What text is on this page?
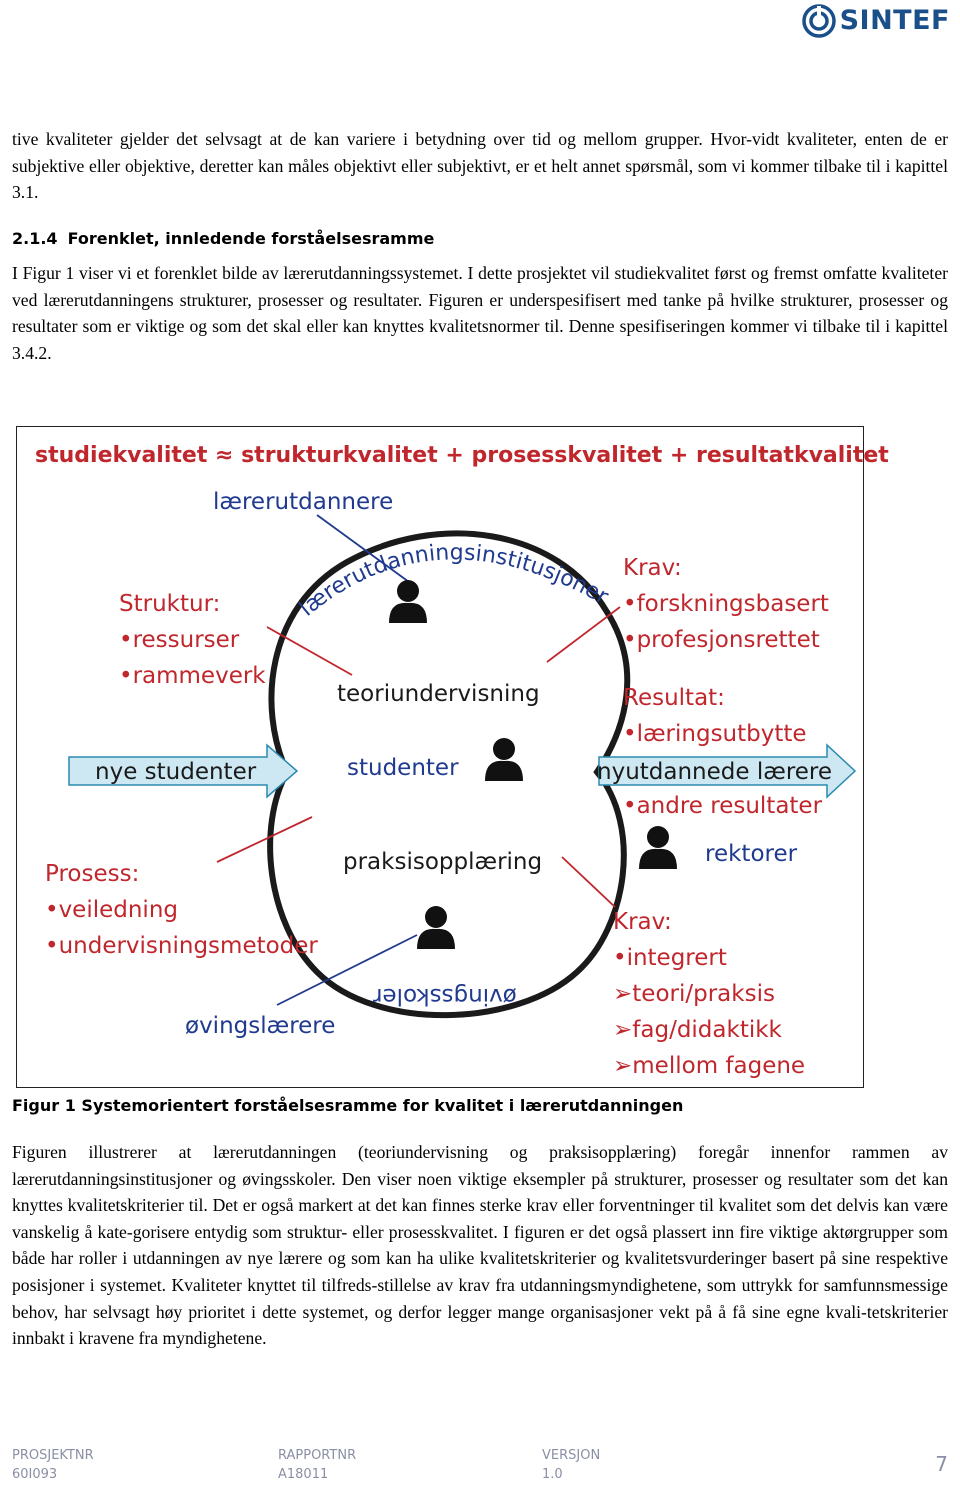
SINTEF
tive kvaliteter gjelder det selvsagt at de kan variere i betydning over tid og mellom grupper. Hvor-vidt kvaliteter, enten de er subjektive eller objektive, deretter kan måles objektivt eller subjektivt, er et helt annet spørsmål, som vi kommer tilbake til i kapittel 3.1.
2.1.4 Forenklet, innledende forståelsesramme
I Figur 1 viser vi et forenklet bilde av lærerutdanningssystemet. I dette prosjektet vil studiekvalitet først og fremst omfatte kvaliteter ved lærerutdanningens strukturer, prosesser og resultater. Figuren er underspesifisert med tanke på hvilke strukturer, prosesser og resultater som er viktige og som det skal eller kan knyttes kvalitetsnormer til. Denne spesifiseringen kommer vi tilbake til i kapittel 3.4.2.
studiekvalitet ≈ strukturkvalitet + prosesskvalitet + resultatkvalitet
lærerutdannere
lærerutdanningsinstitusjoner
Struktur:
•ressurser
•rammeverk
Krav:
•forskningsbasert
•profesjonsrettet
teoriundervisning	Resultat:
•læringsutbytte
nye studenter	studenter	nyutdannede lærere
•andre resultater
praksisopplæring	rektorer
Prosess:
•veiledning
•undervisningsmetoder
Krav:
•integrert
➢teori/praksis
➢fag/didaktikk
➢mellom fagene
øvingsskoler
øvingslærere
Figur 1 Systemorientert forståelsesramme for kvalitet i lærerutdanningen
Figuren illustrerer at lærerutdanningen (teoriundervisning og praksisopplæring) foregår innenfor rammen av lærerutdanningsinstitusjoner og øvingsskoler. Den viser noen viktige eksempler på strukturer, prosesser og resultater som det kan knyttes kvalitetskriterier til. Det er også markert at det kan finnes sterke krav eller forventninger til kvalitet som det delvis kan være vanskelig å kate-gorisere entydig som struktur- eller prosesskvalitet. I figuren er det også plassert inn fire viktige aktørgrupper som både har roller i utdanningen av nye lærere og som kan ha ulike kvalitetskriterier og kvalitetsvurderinger basert på sine respektive posisjoner i systemet. Kvaliteter knyttet til tilfreds-stillelse av krav fra utdanningsmyndighetene, som uttrykk for samfunnsmessige behov, har selvsagt høy prioritet i dette systemet, og derfor legger mange organisasjoner vekt på å få sine egne kvali-tetskriterier innbakt i kravene fra myndighetene.
PROSJEKTNR
60I093
RAPPORTNR
A18011
VERSJON
1.0	7
